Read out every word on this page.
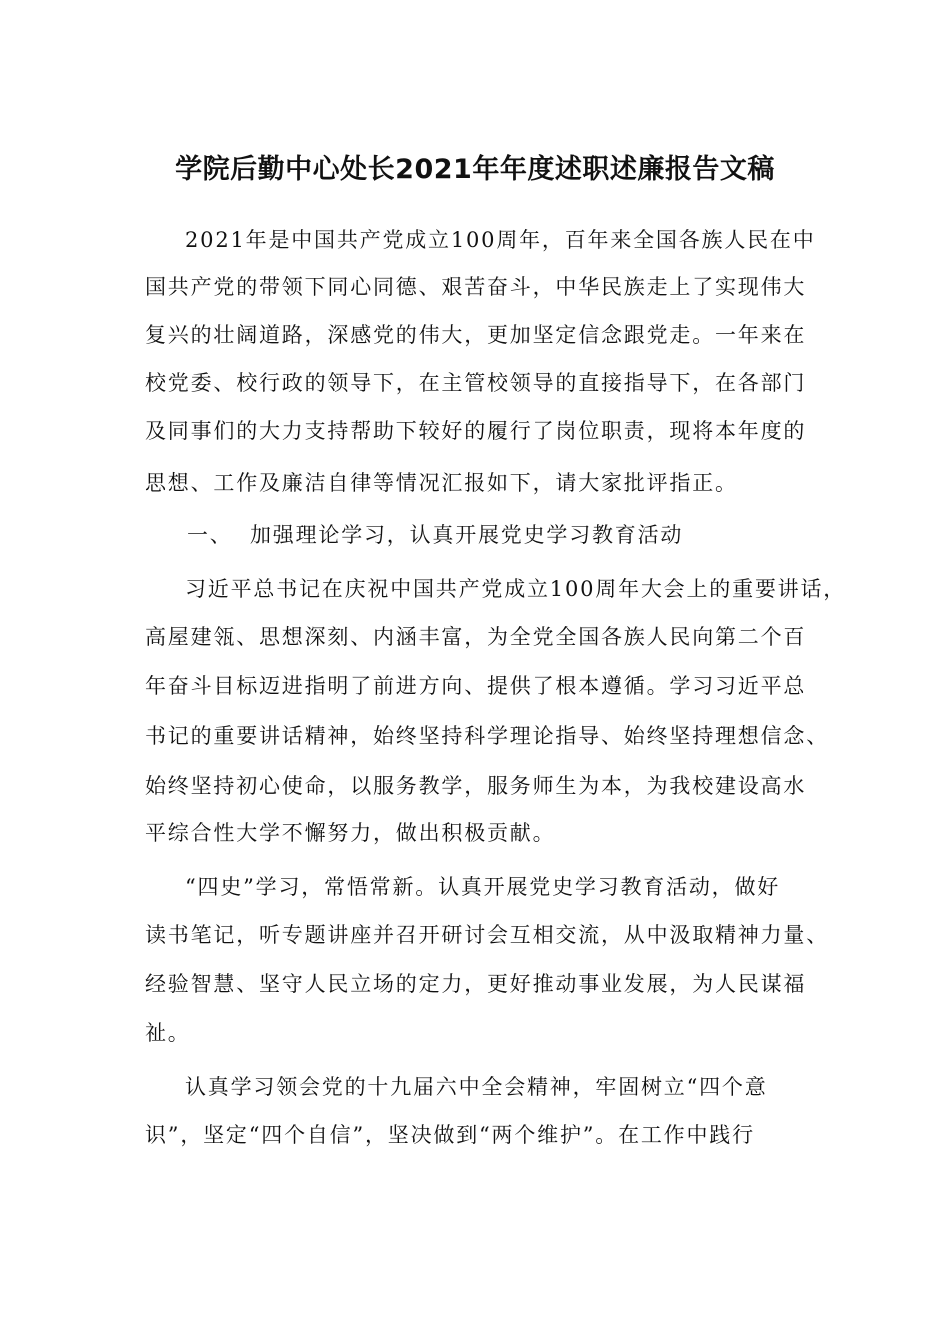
学院后勤中心处长2021年年度述职述廉报告文稿
2021年是中国共产党成立100周年，百年来全国各族人民在中
国共产党的带领下同心同德、艰苦奋斗，中华民族走上了实现伟大
复兴的壮阔道路，深感党的伟大，更加坚定信念跟党走。一年来在
校党委、校行政的领导下，在主管校领导的直接指导下，在各部门
及同事们的大力支持帮助下较好的履行了岗位职责，现将本年度的
思想、工作及廉洁自律等情况汇报如下，请大家批评指正。
一、 加强理论学习，认真开展党史学习教育活动
习近平总书记在庆祝中国共产党成立100周年大会上的重要讲话，
高屋建瓴、思想深刻、内涵丰富，为全党全国各族人民向第二个百
年奋斗目标迈进指明了前进方向、提供了根本遵循。学习习近平总
书记的重要讲话精神，始终坚持科学理论指导、始终坚持理想信念、
始终坚持初心使命，以服务教学，服务师生为本，为我校建设高水
平综合性大学不懈努力，做出积极贡献。
“四史”学习，常悟常新。认真开展党史学习教育活动，做好
读书笔记，听专题讲座并召开研讨会互相交流，从中汲取精神力量、
经验智慧、坚守人民立场的定力，更好推动事业发展，为人民谋福
祉。
认真学习领会党的十九届六中全会精神，牢固树立“四个意
识”，坚定“四个自信”，坚决做到“两个维护”。在工作中践行
